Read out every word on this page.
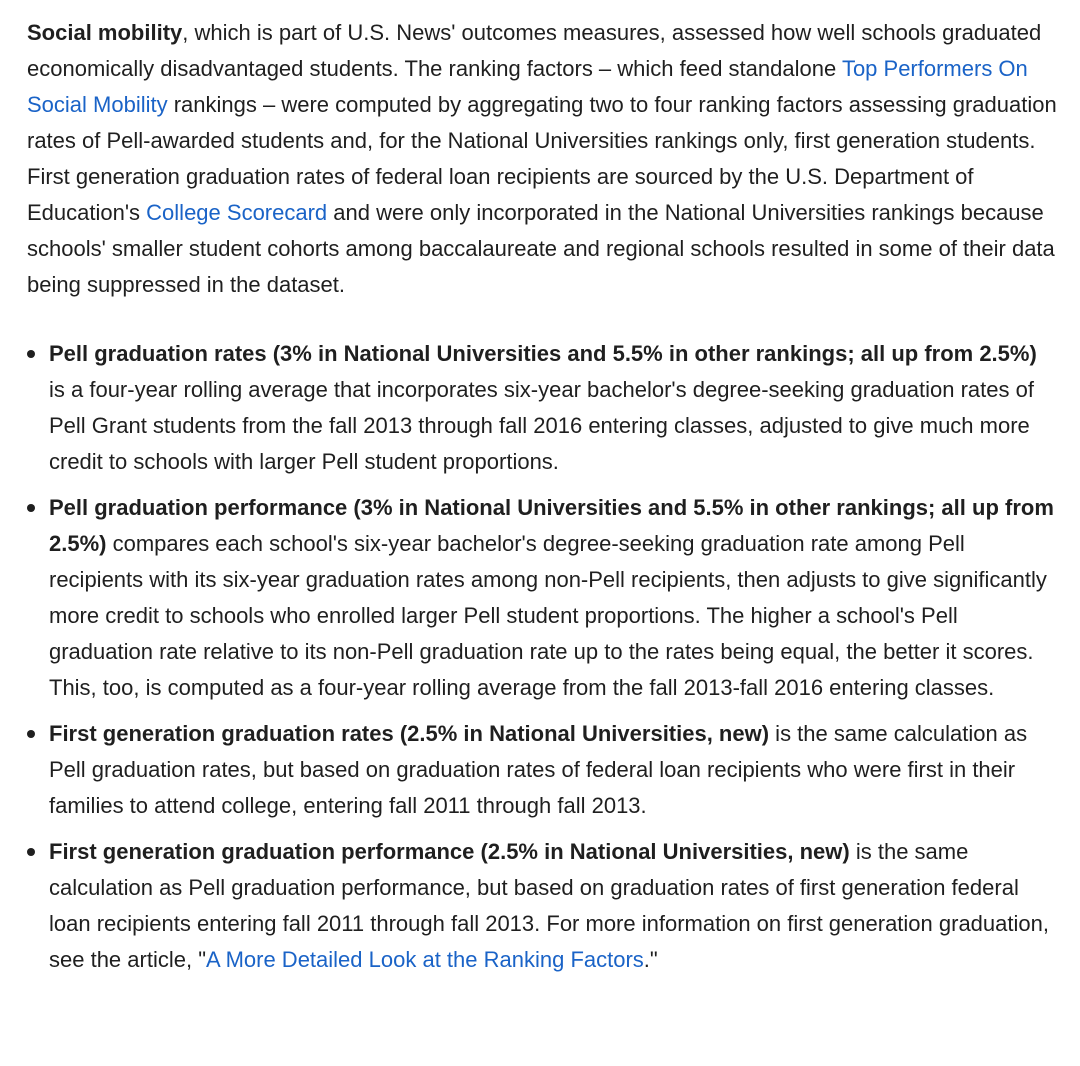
Social mobility, which is part of U.S. News' outcomes measures, assessed how well schools graduated economically disadvantaged students. The ranking factors – which feed standalone Top Performers On Social Mobility rankings – were computed by aggregating two to four ranking factors assessing graduation rates of Pell-awarded students and, for the National Universities rankings only, first generation students. First generation graduation rates of federal loan recipients are sourced by the U.S. Department of Education's College Scorecard and were only incorporated in the National Universities rankings because schools' smaller student cohorts among baccalaureate and regional schools resulted in some of their data being suppressed in the dataset.

Pell graduation rates (3% in National Universities and 5.5% in other rankings; all up from 2.5%) is a four-year rolling average that incorporates six-year bachelor's degree-seeking graduation rates of Pell Grant students from the fall 2013 through fall 2016 entering classes, adjusted to give much more credit to schools with larger Pell student proportions.
Pell graduation performance (3% in National Universities and 5.5% in other rankings; all up from 2.5%) compares each school's six-year bachelor's degree-seeking graduation rate among Pell recipients with its six-year graduation rates among non-Pell recipients, then adjusts to give significantly more credit to schools who enrolled larger Pell student proportions. The higher a school's Pell graduation rate relative to its non-Pell graduation rate up to the rates being equal, the better it scores. This, too, is computed as a four-year rolling average from the fall 2013-fall 2016 entering classes.
First generation graduation rates (2.5% in National Universities, new) is the same calculation as Pell graduation rates, but based on graduation rates of federal loan recipients who were first in their families to attend college, entering fall 2011 through fall 2013.
First generation graduation performance (2.5% in National Universities, new) is the same calculation as Pell graduation performance, but based on graduation rates of first generation federal loan recipients entering fall 2011 through fall 2013. For more information on first generation graduation, see the article, "A More Detailed Look at the Ranking Factors."
